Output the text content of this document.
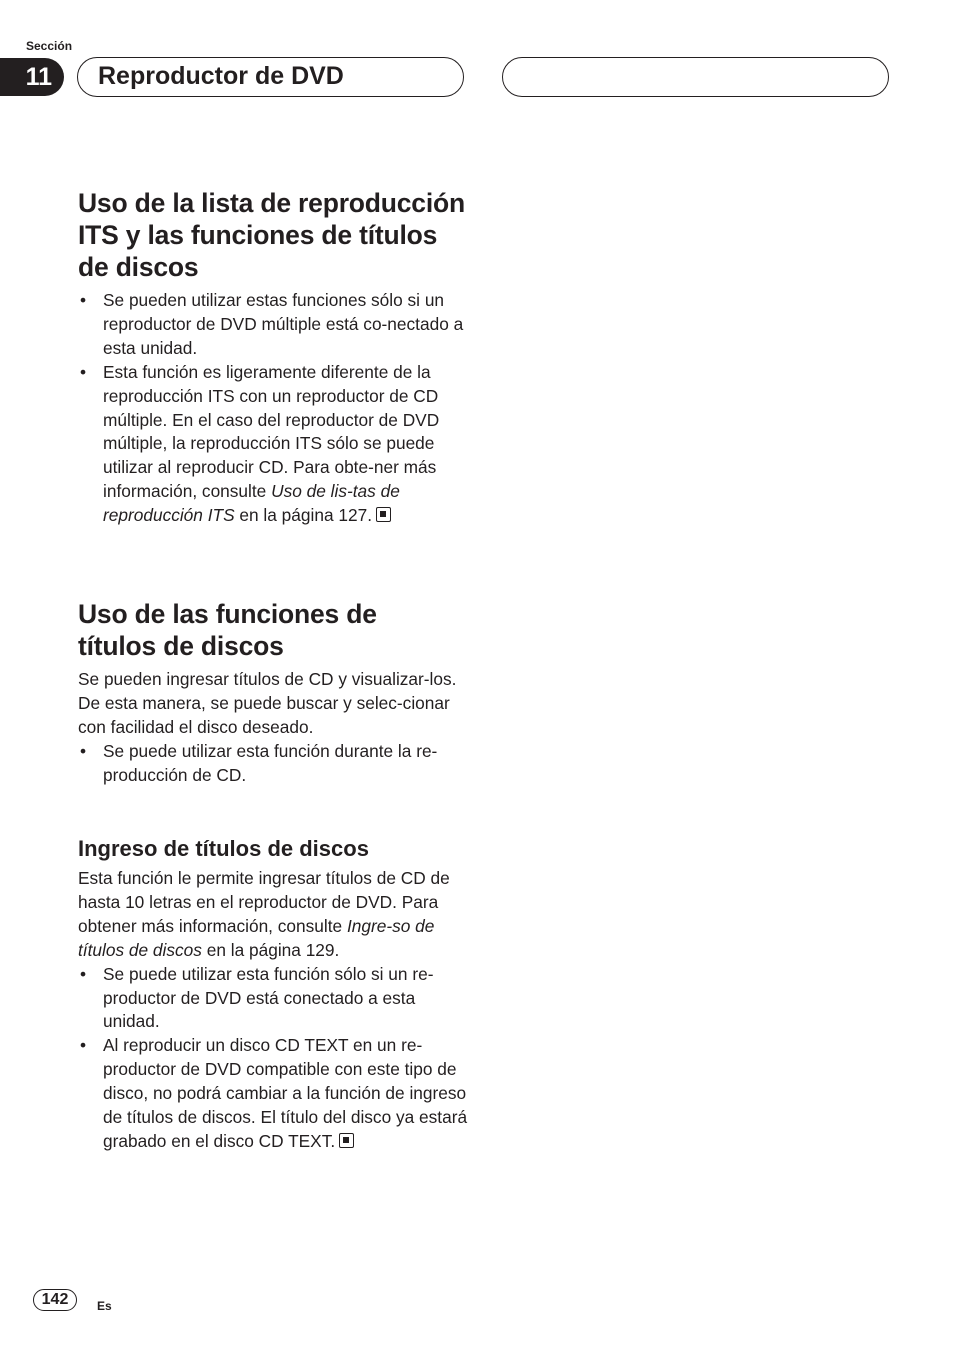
Sección
11	Reproductor de DVD
Uso de la lista de reproducción
ITS y las funciones de títulos
de discos
• Se pueden utilizar estas funciones sólo si un reproductor de DVD múltiple está co-nectado a esta unidad.
• Esta función es ligeramente diferente de la reproducción ITS con un reproductor de CD múltiple. En el caso del reproductor de DVD múltiple, la reproducción ITS sólo se puede utilizar al reproducir CD. Para obte-ner más información, consulte Uso de lis-tas de reproducción ITS en la página 127.
Uso de las funciones de
títulos de discos

Se pueden ingresar títulos de CD y visualizar-los. De esta manera, se puede buscar y selec-cionar con facilidad el disco deseado.

• Se puede utilizar esta función durante la re-producción de CD.
Ingreso de títulos de discos

Esta función le permite ingresar títulos de CD de hasta 10 letras en el reproductor de DVD. Para obtener más información, consulte Ingre-so de títulos de discos en la página 129.

• Se puede utilizar esta función sólo si un re-productor de DVD está conectado a esta unidad.
• Al reproducir un disco CD TEXT en un re-productor de DVD compatible con este tipo de disco, no podrá cambiar a la función de ingreso de títulos de discos. El título del disco ya estará grabado en el disco CD TEXT.
142	Es
